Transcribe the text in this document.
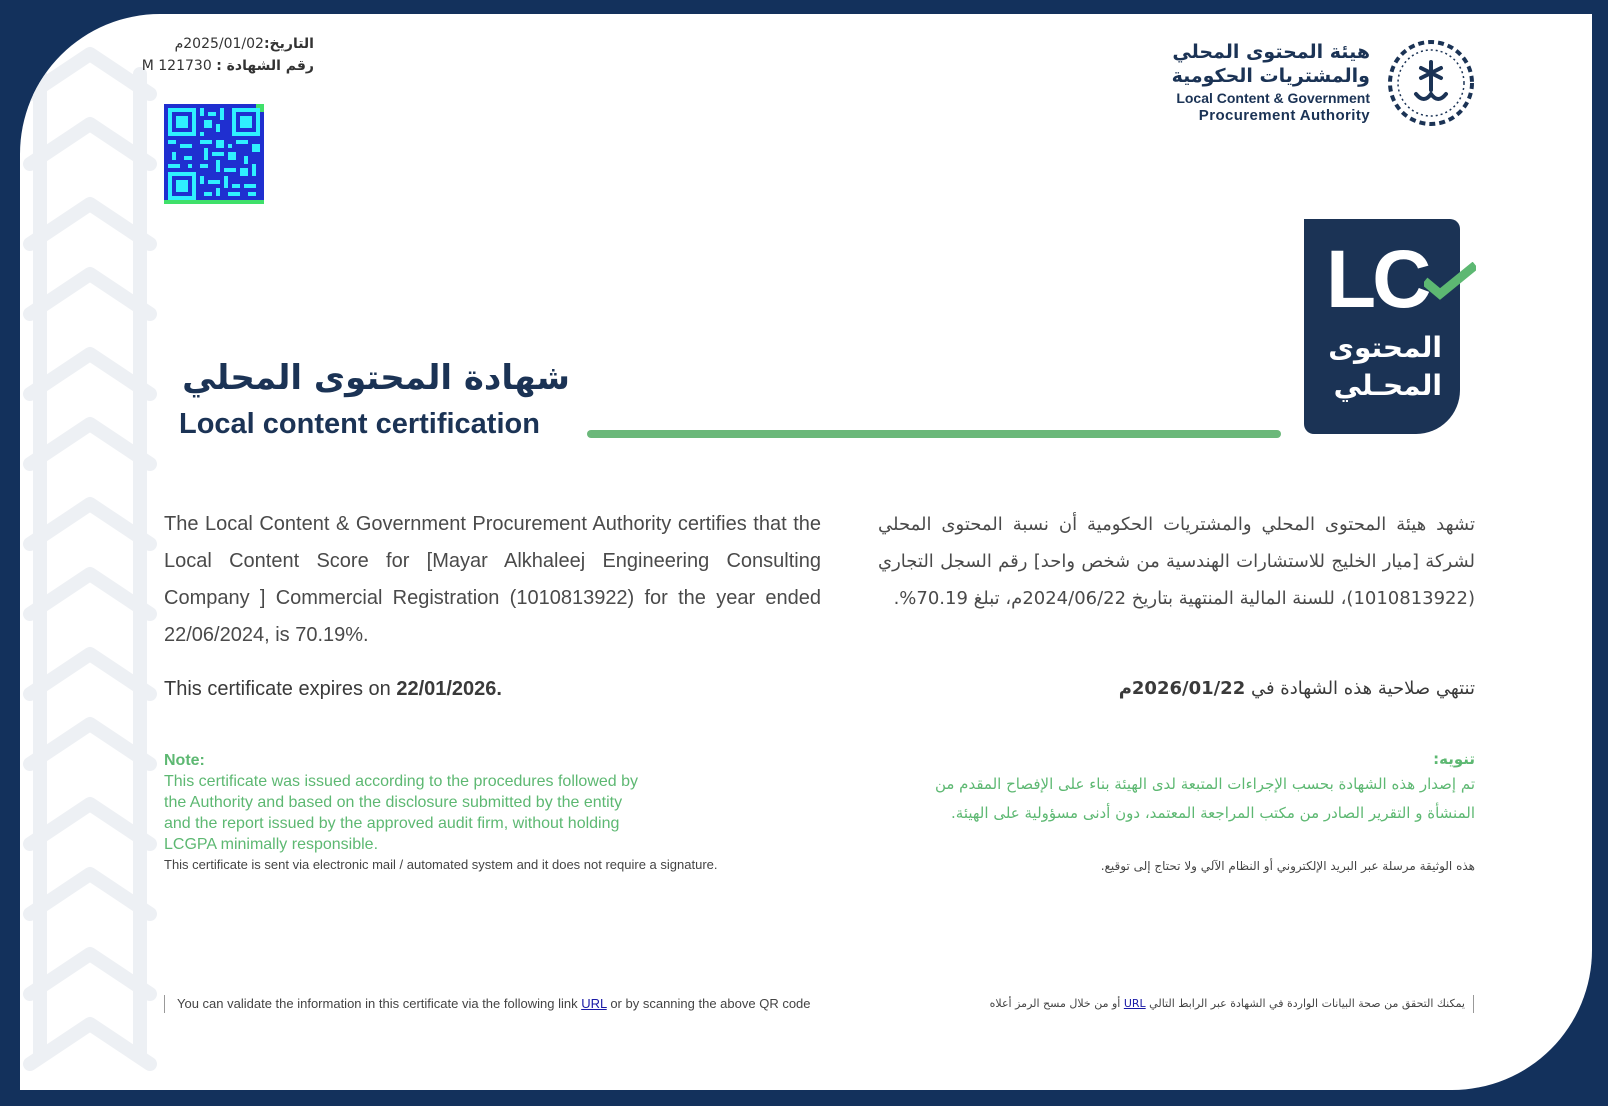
التاريخ:2025/01/02م
رقم الشهادة : M 121730
هيئة المحتوى المحلي
والمشتريات الحكومية
Local Content & Government
Procurement Authority
LC
المحتوى
المحـلي
شهادة المحتوى المحلي
Local content certification
The Local Content & Government Procurement Authority certifies that the Local Content Score for [Mayar Alkhaleej Engineering Consulting Company ] Commercial Registration (1010813922) for the year ended 22/06/2024, is 70.19%.
تشهد هيئة المحتوى المحلي والمشتريات الحكومية أن نسبة المحتوى المحلي لشركة [ميار الخليج للاستشارات الهندسية من شخص واحد] رقم السجل التجاري (1010813922)، للسنة المالية المنتهية بتاريخ 2024/06/22م، تبلغ 70.19%.
This certificate expires on 22/01/2026.	تنتهي صلاحية هذه الشهادة في 2026/01/22م
Note:
This certificate was issued according to the procedures followed by
the Authority and based on the disclosure submitted by the entity
and the report issued by the approved audit firm, without holding
LCGPA minimally responsible.
This certificate is sent via electronic mail / automated system and it does not require a signature.
تنويه:
تم إصدار هذه الشهادة بحسب الإجراءات المتبعة لدى الهيئة بناء على الإفصاح المقدم من
المنشأة و التقرير الصادر من مكتب المراجعة المعتمد، دون أدنى مسؤولية على الهيئة.
هذه الوثيقة مرسلة عبر البريد الإلكتروني أو النظام الآلي ولا تحتاج إلى توقيع.
You can validate the information in this certificate via the following link URL or by scanning the above QR code	يمكنك التحقق من صحة البيانات الواردة في الشهادة عبر الرابط التالي URL أو من خلال مسح الرمز أعلاه
